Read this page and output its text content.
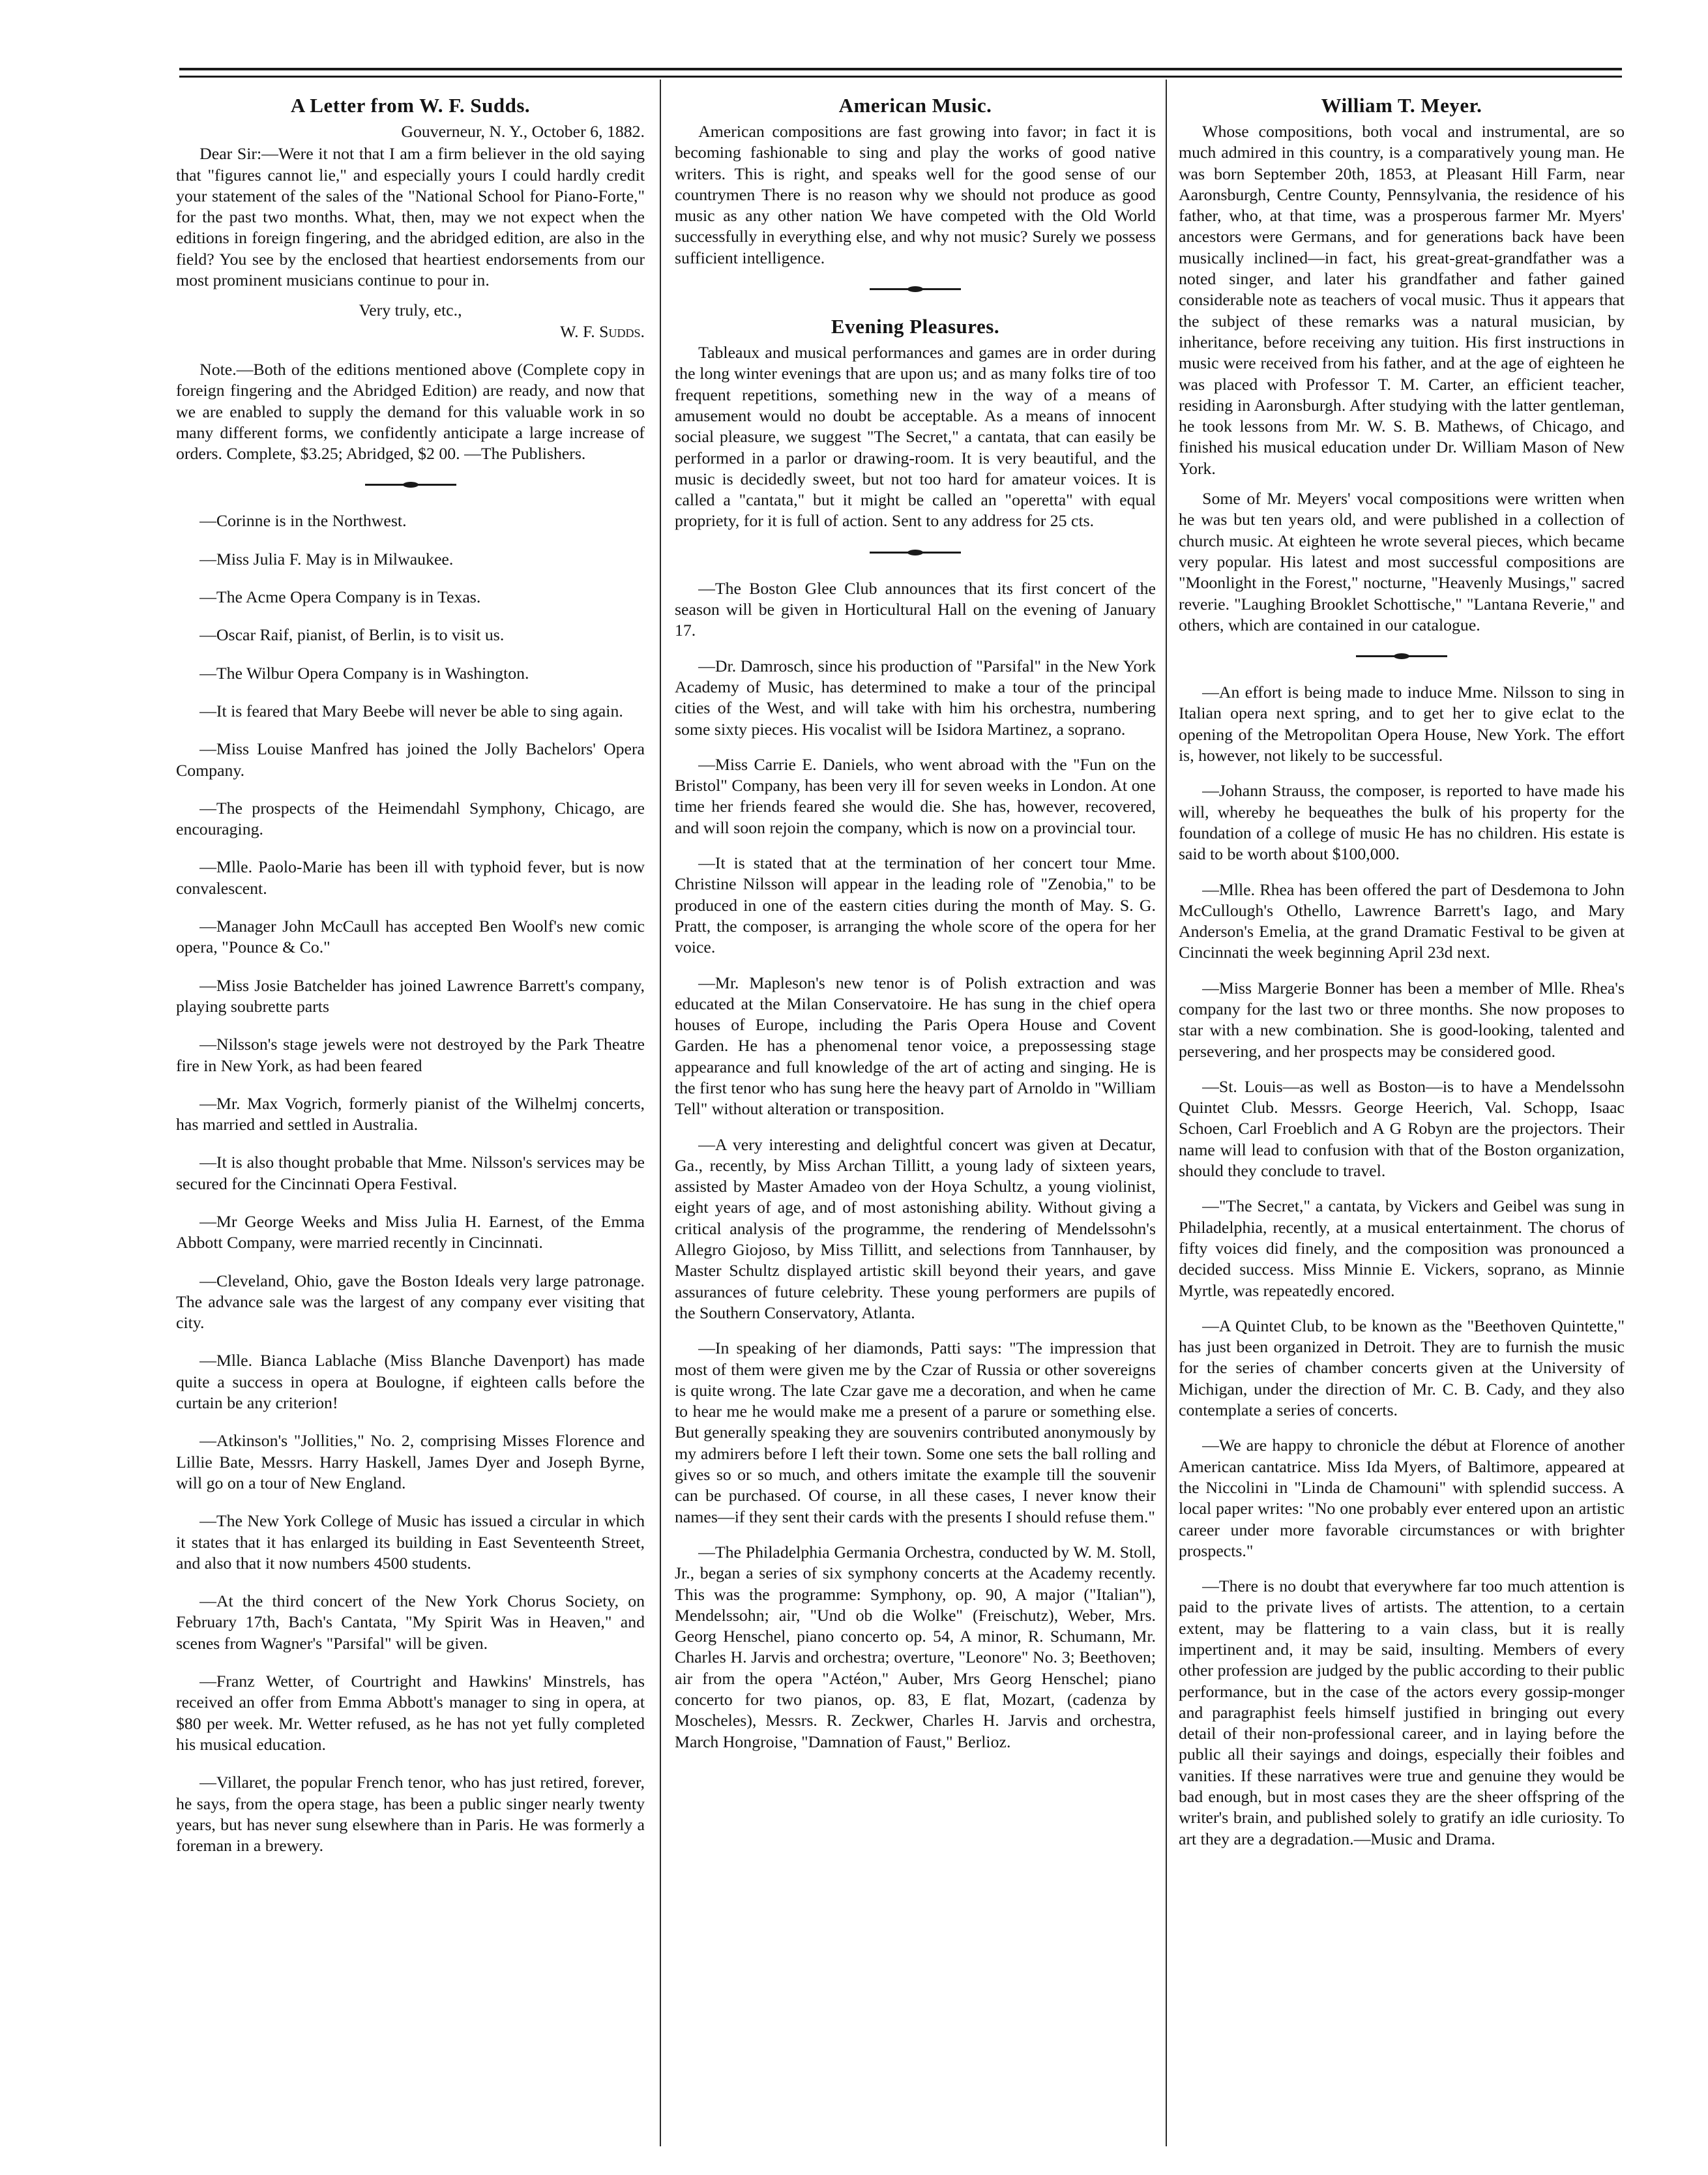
A Letter from W. F. Sudds.

Gouverneur, N. Y., October 6, 1882.

Dear Sir:—Were it not that I am a firm believer in the old saying that "figures cannot lie," and especially yours I could hardly credit your statement of the sales of the "National School for Piano-Forte," for the past two months. What, then, may we not expect when the editions in foreign fingering, and the abridged edition, are also in the field? You see by the enclosed that heartiest endorsements from our most prominent musicians continue to pour in.

Very truly, etc.,

W. F. Sudds.

Note.—Both of the editions mentioned above (Complete copy in foreign fingering and the Abridged Edition) are ready, and now that we are enabled to supply the demand for this valuable work in so many different forms, we confidently anticipate a large increase of orders. Complete, $3.25; Abridged, $2 00. —The Publishers.

—Corinne is in the Northwest.

—Miss Julia F. May is in Milwaukee.

—The Acme Opera Company is in Texas.

—Oscar Raif, pianist, of Berlin, is to visit us.

—The Wilbur Opera Company is in Washington.

—It is feared that Mary Beebe will never be able to sing again.

—Miss Louise Manfred has joined the Jolly Bachelors' Opera Company.

—The prospects of the Heimendahl Symphony, Chicago, are encouraging.

—Mlle. Paolo-Marie has been ill with typhoid fever, but is now convalescent.

—Manager John McCaull has accepted Ben Woolf's new comic opera, "Pounce & Co."

—Miss Josie Batchelder has joined Lawrence Barrett's company, playing soubrette parts

—Nilsson's stage jewels were not destroyed by the Park Theatre fire in New York, as had been feared

—Mr. Max Vogrich, formerly pianist of the Wilhelmj concerts, has married and settled in Australia.

—It is also thought probable that Mme. Nilsson's services may be secured for the Cincinnati Opera Festival.

—Mr George Weeks and Miss Julia H. Earnest, of the Emma Abbott Company, were married recently in Cincinnati.

—Cleveland, Ohio, gave the Boston Ideals very large patronage. The advance sale was the largest of any company ever visiting that city.

—Mlle. Bianca Lablache (Miss Blanche Davenport) has made quite a success in opera at Boulogne, if eighteen calls before the curtain be any criterion!

—Atkinson's "Jollities," No. 2, comprising Misses Florence and Lillie Bate, Messrs. Harry Haskell, James Dyer and Joseph Byrne, will go on a tour of New England.

—The New York College of Music has issued a circular in which it states that it has enlarged its building in East Seventeenth Street, and also that it now numbers 4500 students.

—At the third concert of the New York Chorus Society, on February 17th, Bach's Cantata, "My Spirit Was in Heaven," and scenes from Wagner's "Parsifal" will be given.

—Franz Wetter, of Courtright and Hawkins' Minstrels, has received an offer from Emma Abbott's manager to sing in opera, at $80 per week. Mr. Wetter refused, as he has not yet fully completed his musical education.

—Villaret, the popular French tenor, who has just retired, forever, he says, from the opera stage, has been a public singer nearly twenty years, but has never sung elsewhere than in Paris. He was formerly a foreman in a brewery.

American Music.

American compositions are fast growing into favor; in fact it is becoming fashionable to sing and play the works of good native writers. This is right, and speaks well for the good sense of our countrymen There is no reason why we should not produce as good music as any other nation We have competed with the Old World successfully in everything else, and why not music? Surely we possess sufficient intelligence.

Evening Pleasures.

Tableaux and musical performances and games are in order during the long winter evenings that are upon us; and as many folks tire of too frequent repetitions, something new in the way of a means of amusement would no doubt be acceptable. As a means of innocent social pleasure, we suggest "The Secret," a cantata, that can easily be performed in a parlor or drawing-room. It is very beautiful, and the music is decidedly sweet, but not too hard for amateur voices. It is called a "cantata," but it might be called an "operetta" with equal propriety, for it is full of action. Sent to any address for 25 cts.

—The Boston Glee Club announces that its first concert of the season will be given in Horticultural Hall on the evening of January 17.

—Dr. Damrosch, since his production of "Parsifal" in the New York Academy of Music, has determined to make a tour of the principal cities of the West, and will take with him his orchestra, numbering some sixty pieces. His vocalist will be Isidora Martinez, a soprano.

—Miss Carrie E. Daniels, who went abroad with the "Fun on the Bristol" Company, has been very ill for seven weeks in London. At one time her friends feared she would die. She has, however, recovered, and will soon rejoin the company, which is now on a provincial tour.

—It is stated that at the termination of her concert tour Mme. Christine Nilsson will appear in the leading role of "Zenobia," to be produced in one of the eastern cities during the month of May. S. G. Pratt, the composer, is arranging the whole score of the opera for her voice.

—Mr. Mapleson's new tenor is of Polish extraction and was educated at the Milan Conservatoire. He has sung in the chief opera houses of Europe, including the Paris Opera House and Covent Garden. He has a phenomenal tenor voice, a prepossessing stage appearance and full knowledge of the art of acting and singing. He is the first tenor who has sung here the heavy part of Arnoldo in "William Tell" without alteration or transposition.

—A very interesting and delightful concert was given at Decatur, Ga., recently, by Miss Archan Tillitt, a young lady of sixteen years, assisted by Master Amadeo von der Hoya Schultz, a young violinist, eight years of age, and of most astonishing ability. Without giving a critical analysis of the programme, the rendering of Mendelssohn's Allegro Giojoso, by Miss Tillitt, and selections from Tannhauser, by Master Schultz displayed artistic skill beyond their years, and gave assurances of future celebrity. These young performers are pupils of the Southern Conservatory, Atlanta.

—In speaking of her diamonds, Patti says: "The impression that most of them were given me by the Czar of Russia or other sovereigns is quite wrong. The late Czar gave me a decoration, and when he came to hear me he would make me a present of a parure or something else. But generally speaking they are souvenirs contributed anonymously by my admirers before I left their town. Some one sets the ball rolling and gives so or so much, and others imitate the example till the souvenir can be purchased. Of course, in all these cases, I never know their names—if they sent their cards with the presents I should refuse them."

—The Philadelphia Germania Orchestra, conducted by W. M. Stoll, Jr., began a series of six symphony concerts at the Academy recently. This was the programme: Symphony, op. 90, A major ("Italian"), Mendelssohn; air, "Und ob die Wolke" (Freischutz), Weber, Mrs. Georg Henschel, piano concerto op. 54, A minor, R. Schumann, Mr. Charles H. Jarvis and orchestra; overture, "Leonore" No. 3; Beethoven; air from the opera "Actéon," Auber, Mrs Georg Henschel; piano concerto for two pianos, op. 83, E flat, Mozart, (cadenza by Moscheles), Messrs. R. Zeckwer, Charles H. Jarvis and orchestra, March Hongroise, "Damnation of Faust," Berlioz.

William T. Meyer.

Whose compositions, both vocal and instrumental, are so much admired in this country, is a comparatively young man. He was born September 20th, 1853, at Pleasant Hill Farm, near Aaronsburgh, Centre County, Pennsylvania, the residence of his father, who, at that time, was a prosperous farmer Mr. Myers' ancestors were Germans, and for generations back have been musically inclined—in fact, his great-great-grandfather was a noted singer, and later his grandfather and father gained considerable note as teachers of vocal music. Thus it appears that the subject of these remarks was a natural musician, by inheritance, before receiving any tuition. His first instructions in music were received from his father, and at the age of eighteen he was placed with Professor T. M. Carter, an efficient teacher, residing in Aaronsburgh. After studying with the latter gentleman, he took lessons from Mr. W. S. B. Mathews, of Chicago, and finished his musical education under Dr. William Mason of New York.

Some of Mr. Meyers' vocal compositions were written when he was but ten years old, and were published in a collection of church music. At eighteen he wrote several pieces, which became very popular. His latest and most successful compositions are "Moonlight in the Forest," nocturne, "Heavenly Musings," sacred reverie. "Laughing Brooklet Schottische," "Lantana Reverie," and others, which are contained in our catalogue.

—An effort is being made to induce Mme. Nilsson to sing in Italian opera next spring, and to get her to give eclat to the opening of the Metropolitan Opera House, New York. The effort is, however, not likely to be successful.

—Johann Strauss, the composer, is reported to have made his will, whereby he bequeathes the bulk of his property for the foundation of a college of music He has no children. His estate is said to be worth about $100,000.

—Mlle. Rhea has been offered the part of Desdemona to John McCullough's Othello, Lawrence Barrett's Iago, and Mary Anderson's Emelia, at the grand Dramatic Festival to be given at Cincinnati the week beginning April 23d next.

—Miss Margerie Bonner has been a member of Mlle. Rhea's company for the last two or three months. She now proposes to star with a new combination. She is good-looking, talented and persevering, and her prospects may be considered good.

—St. Louis—as well as Boston—is to have a Mendelssohn Quintet Club. Messrs. George Heerich, Val. Schopp, Isaac Schoen, Carl Froeblich and A G Robyn are the projectors. Their name will lead to confusion with that of the Boston organization, should they conclude to travel.

—"The Secret," a cantata, by Vickers and Geibel was sung in Philadelphia, recently, at a musical entertainment. The chorus of fifty voices did finely, and the composition was pronounced a decided success. Miss Minnie E. Vickers, soprano, as Minnie Myrtle, was repeatedly encored.

—A Quintet Club, to be known as the "Beethoven Quintette," has just been organized in Detroit. They are to furnish the music for the series of chamber concerts given at the University of Michigan, under the direction of Mr. C. B. Cady, and they also contemplate a series of concerts.

—We are happy to chronicle the début at Florence of another American cantatrice. Miss Ida Myers, of Baltimore, appeared at the Niccolini in "Linda de Chamouni" with splendid success. A local paper writes: "No one probably ever entered upon an artistic career under more favorable circumstances or with brighter prospects."

—There is no doubt that everywhere far too much attention is paid to the private lives of artists. The attention, to a certain extent, may be flattering to a vain class, but it is really impertinent and, it may be said, insulting. Members of every other profession are judged by the public according to their public performance, but in the case of the actors every gossip-monger and paragraphist feels himself justified in bringing out every detail of their non-professional career, and in laying before the public all their sayings and doings, especially their foibles and vanities. If these narratives were true and genuine they would be bad enough, but in most cases they are the sheer offspring of the writer's brain, and published solely to gratify an idle curiosity. To art they are a degradation.—Music and Drama.
